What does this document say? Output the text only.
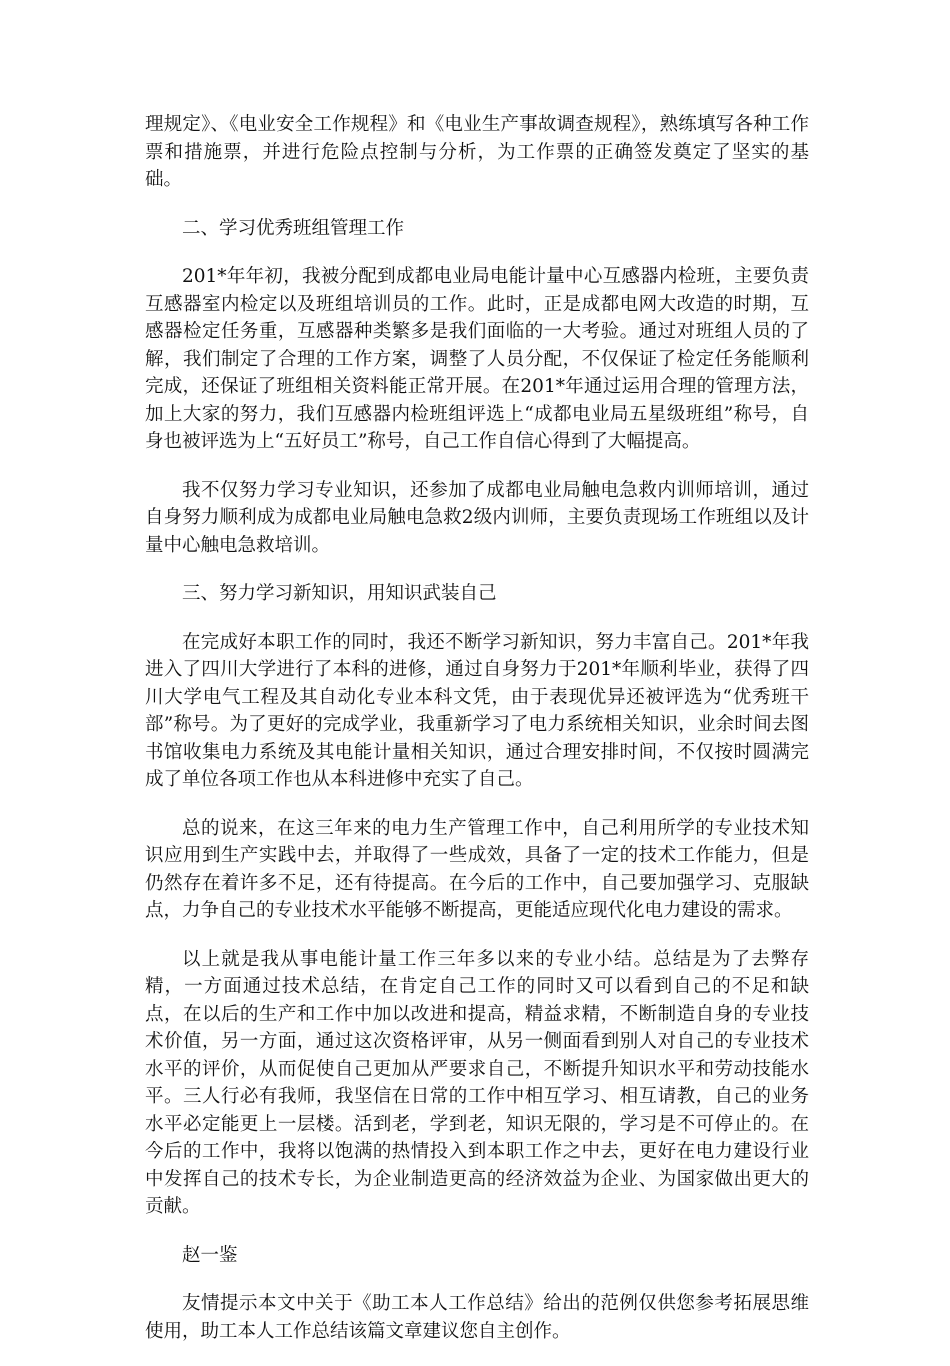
理规定》、《电业安全工作规程》和《电业生产事故调查规程》，熟练填写各种工作票和措施票，并进行危险点控制与分析，为工作票的正确签发奠定了坚实的基础。

二、学习优秀班组管理工作

201*年年初，我被分配到成都电业局电能计量中心互感器内检班，主要负责互感器室内检定以及班组培训员的工作。此时，正是成都电网大改造的时期，互感器检定任务重，互感器种类繁多是我们面临的一大考验。通过对班组人员的了解，我们制定了合理的工作方案，调整了人员分配，不仅保证了检定任务能顺利完成，还保证了班组相关资料能正常开展。在201*年通过运用合理的管理方法，加上大家的努力，我们互感器内检班组评选上“成都电业局五星级班组”称号，自身也被评选为上“五好员工”称号，自己工作自信心得到了大幅提高。

我不仅努力学习专业知识，还参加了成都电业局触电急救内训师培训，通过自身努力顺利成为成都电业局触电急救2级内训师，主要负责现场工作班组以及计量中心触电急救培训。

三、努力学习新知识，用知识武装自己

在完成好本职工作的同时，我还不断学习新知识，努力丰富自己。201*年我进入了四川大学进行了本科的进修，通过自身努力于201*年顺利毕业，获得了四川大学电气工程及其自动化专业本科文凭，由于表现优异还被评选为“优秀班干部”称号。为了更好的完成学业，我重新学习了电力系统相关知识，业余时间去图书馆收集电力系统及其电能计量相关知识，通过合理安排时间，不仅按时圆满完成了单位各项工作也从本科进修中充实了自己。

总的说来，在这三年来的电力生产管理工作中，自己利用所学的专业技术知识应用到生产实践中去，并取得了一些成效，具备了一定的技术工作能力，但是仍然存在着许多不足，还有待提高。在今后的工作中，自己要加强学习、克服缺点，力争自己的专业技术水平能够不断提高，更能适应现代化电力建设的需求。

以上就是我从事电能计量工作三年多以来的专业小结。总结是为了去弊存精，一方面通过技术总结，在肯定自己工作的同时又可以看到自己的不足和缺点，在以后的生产和工作中加以改进和提高，精益求精，不断制造自身的专业技术价值，另一方面，通过这次资格评审，从另一侧面看到别人对自己的专业技术水平的评价，从而促使自己更加从严要求自己，不断提升知识水平和劳动技能水平。三人行必有我师，我坚信在日常的工作中相互学习、相互请教，自己的业务水平必定能更上一层楼。活到老，学到老，知识无限的，学习是不可停止的。在今后的工作中，我将以饱满的热情投入到本职工作之中去，更好在电力建设行业中发挥自己的技术专长，为企业制造更高的经济效益为企业、为国家做出更大的贡献。

赵一鉴

友情提示本文中关于《助工本人工作总结》给出的范例仅供您参考拓展思维使用，助工本人工作总结该篇文章建议您自主创作。
